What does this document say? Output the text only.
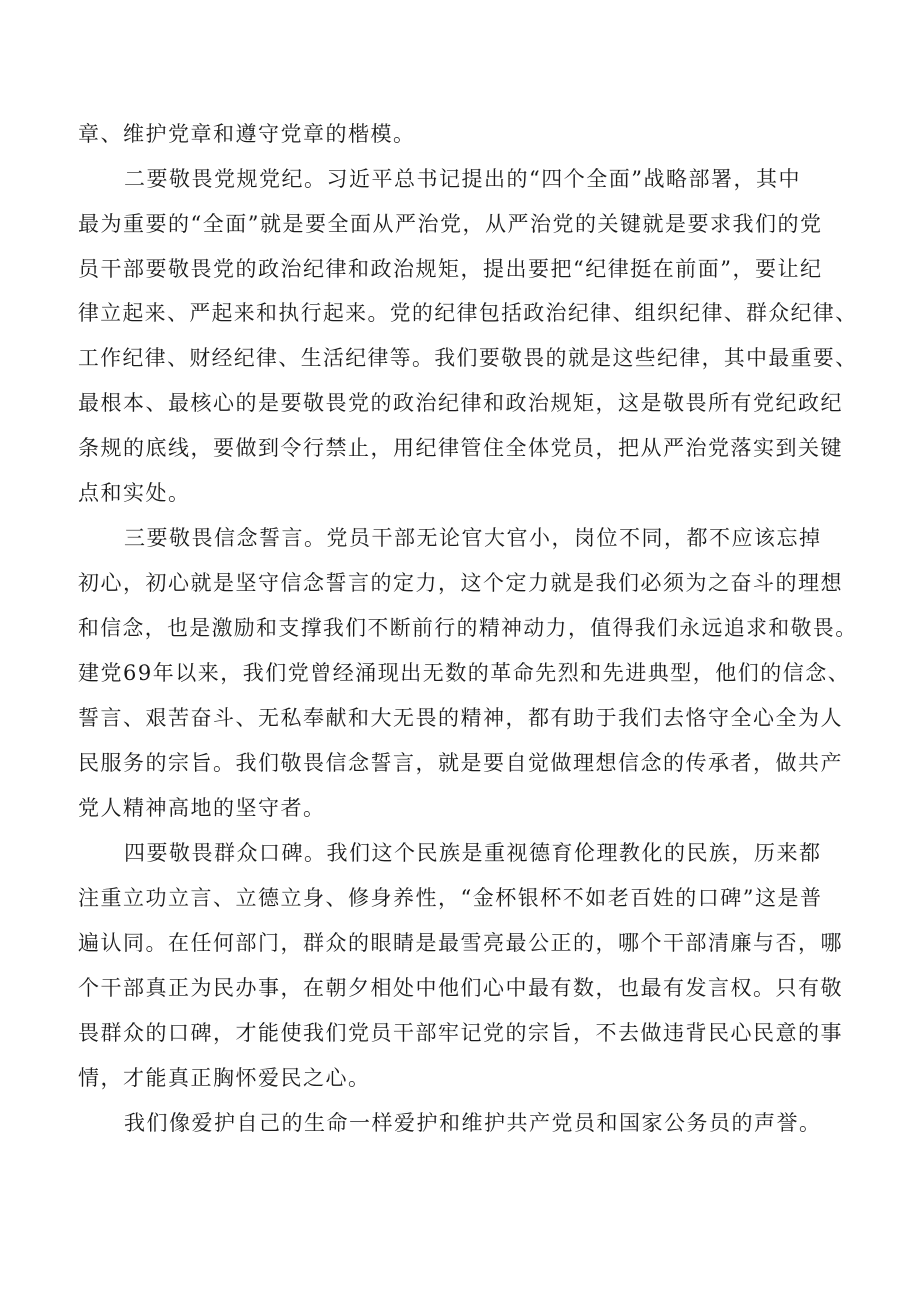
章、维护党章和遵守党章的楷模。
二要敬畏党规党纪。习近平总书记提出的“四个全面”战略部署，其中
最为重要的“全面”就是要全面从严治党，从严治党的关键就是要求我们的党
员干部要敬畏党的政治纪律和政治规矩，提出要把“纪律挺在前面”，要让纪
律立起来、严起来和执行起来。党的纪律包括政治纪律、组织纪律、群众纪律、
工作纪律、财经纪律、生活纪律等。我们要敬畏的就是这些纪律，其中最重要、
最根本、最核心的是要敬畏党的政治纪律和政治规矩，这是敬畏所有党纪政纪
条规的底线，要做到令行禁止，用纪律管住全体党员，把从严治党落实到关键
点和实处。
三要敬畏信念誓言。党员干部无论官大官小，岗位不同，都不应该忘掉
初心，初心就是坚守信念誓言的定力，这个定力就是我们必须为之奋斗的理想
和信念，也是激励和支撑我们不断前行的精神动力，值得我们永远追求和敬畏。
建党69年以来，我们党曾经涌现出无数的革命先烈和先进典型，他们的信念、
誓言、艰苦奋斗、无私奉献和大无畏的精神，都有助于我们去恪守全心全为人
民服务的宗旨。我们敬畏信念誓言，就是要自觉做理想信念的传承者，做共产
党人精神高地的坚守者。
四要敬畏群众口碑。我们这个民族是重视德育伦理教化的民族，历来都
注重立功立言、立德立身、修身养性，“金杯银杯不如老百姓的口碑”这是普
遍认同。在任何部门，群众的眼睛是最雪亮最公正的，哪个干部清廉与否，哪
个干部真正为民办事，在朝夕相处中他们心中最有数，也最有发言权。只有敬
畏群众的口碑，才能使我们党员干部牢记党的宗旨，不去做违背民心民意的事
情，才能真正胸怀爱民之心。
我们像爱护自己的生命一样爱护和维护共产党员和国家公务员的声誉。
